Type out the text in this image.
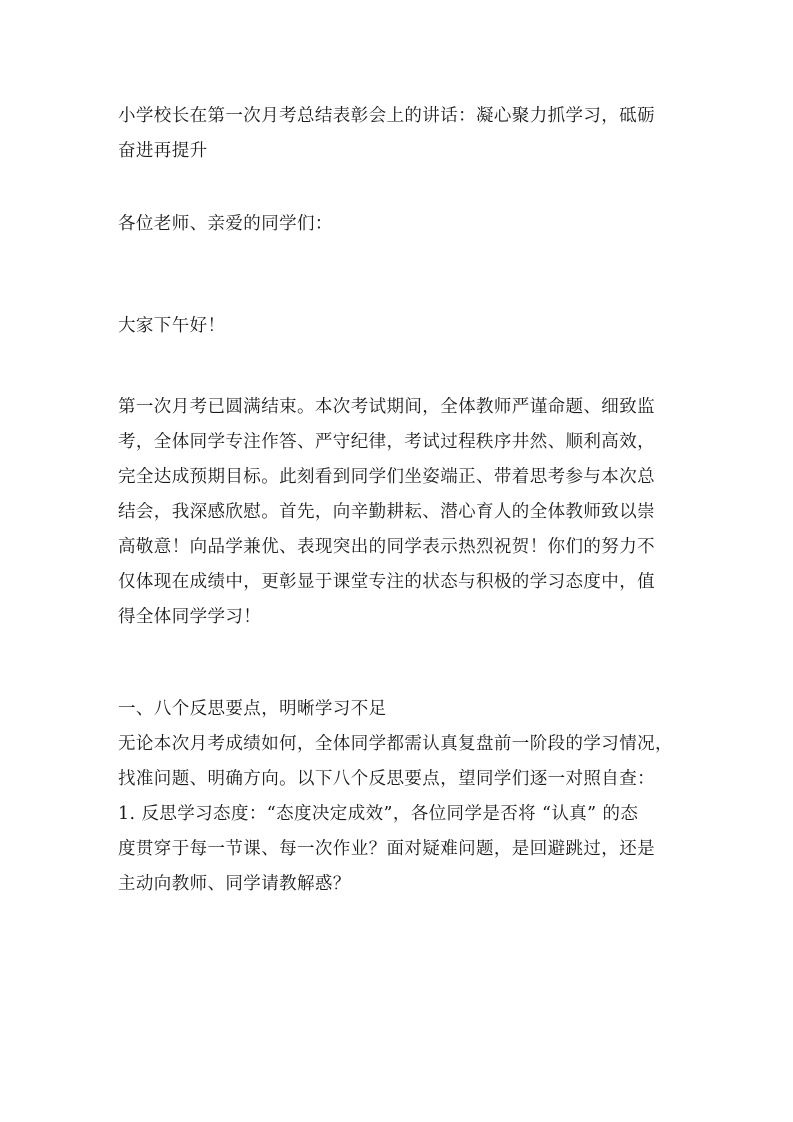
小学校长在第一次月考总结表彰会上的讲话：凝心聚力抓学习，砥砺
奋进再提升
各位老师、亲爱的同学们：
大家下午好！
第一次月考已圆满结束。本次考试期间，全体教师严谨命题、细致监
考，全体同学专注作答、严守纪律，考试过程秩序井然、顺利高效，
完全达成预期目标。此刻看到同学们坐姿端正、带着思考参与本次总
结会，我深感欣慰。首先，向辛勤耕耘、潜心育人的全体教师致以崇
高敬意！向品学兼优、表现突出的同学表示热烈祝贺！你们的努力不
仅体现在成绩中，更彰显于课堂专注的状态与积极的学习态度中，值
得全体同学学习！
一、八个反思要点，明晰学习不足
无论本次月考成绩如何，全体同学都需认真复盘前一阶段的学习情况，
找准问题、明确方向。以下八个反思要点，望同学们逐一对照自查：
1. 反思学习态度：“态度决定成效”，各位同学是否将 “认真” 的态
度贯穿于每一节课、每一次作业？面对疑难问题，是回避跳过，还是
主动向教师、同学请教解惑？
